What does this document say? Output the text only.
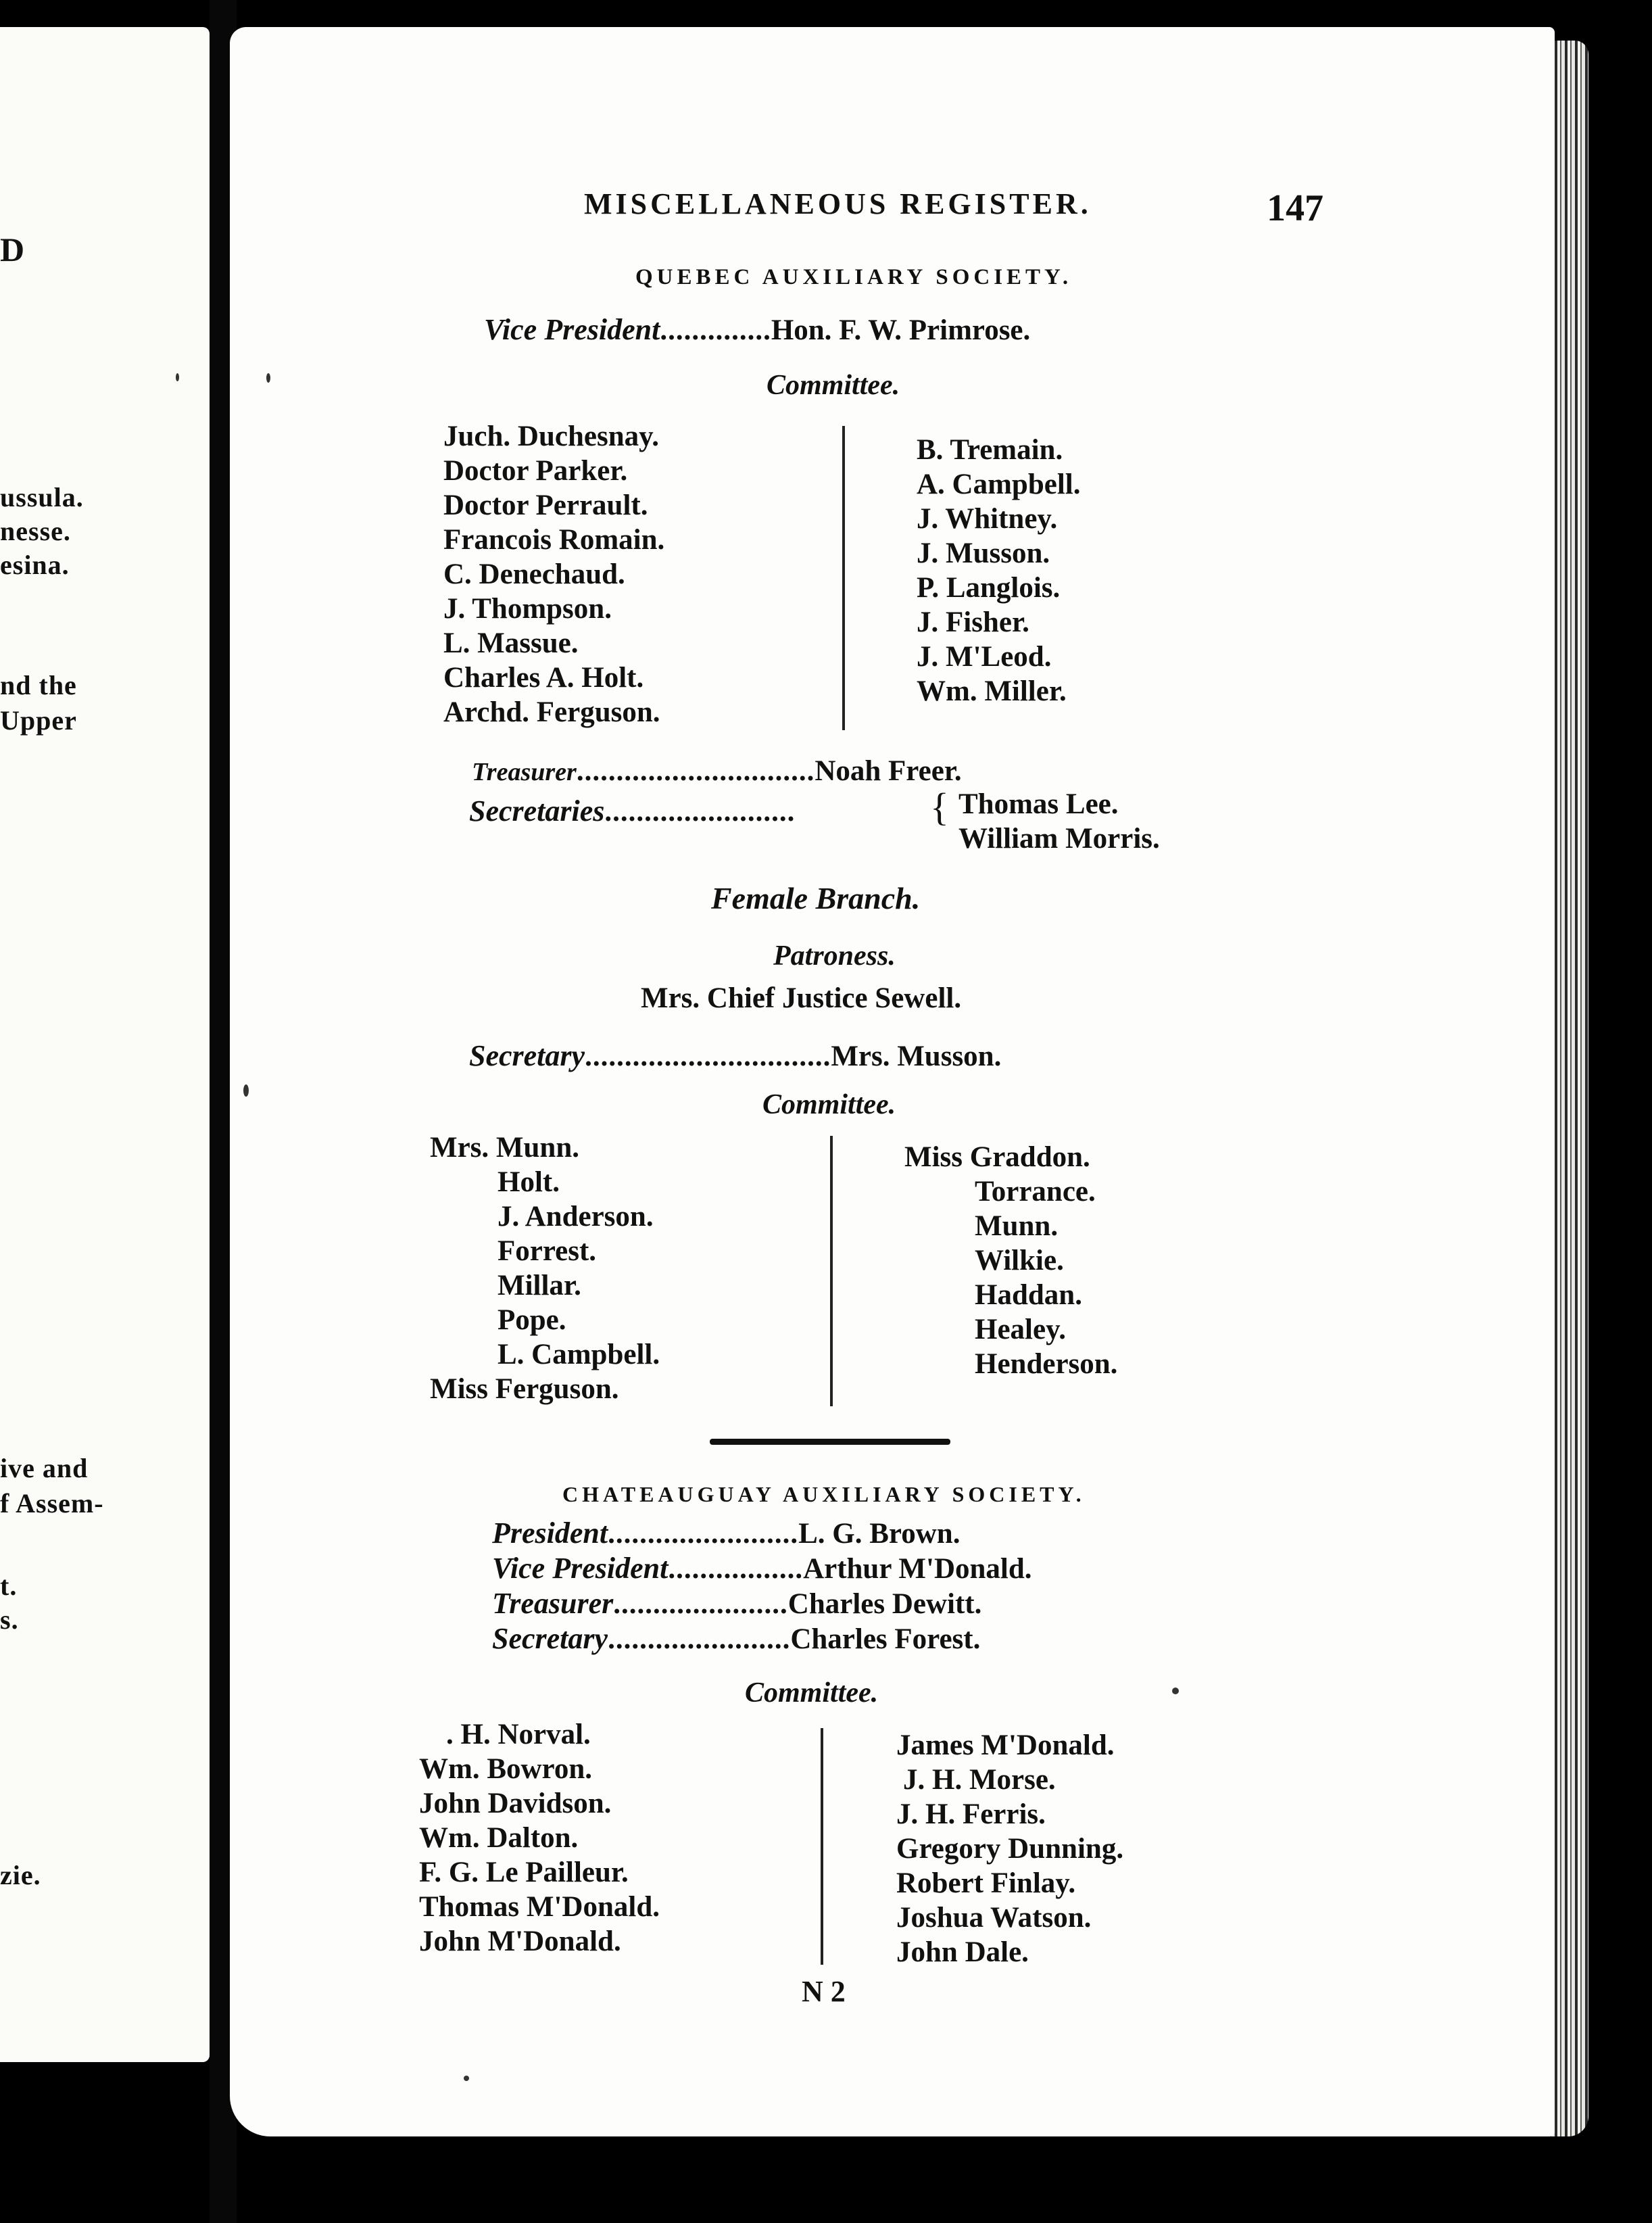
D
ussula.
nesse.
esina.
nd the
Upper
ive and
f Assem-
t.
s.
zie.
MISCELLANEOUS REGISTER.	147
QUEBEC AUXILIARY SOCIETY.
Vice President..............Hon. F. W. Primrose.
Committee.
Juch. Duchesnay.
Doctor Parker.
Doctor Perrault.
Francois Romain.
C. Denechaud.
J. Thompson.
L. Massue.
Charles A. Holt.
Archd. Ferguson.
B. Tremain.
A. Campbell.
J. Whitney.
J. Musson.
P. Langlois.
J. Fisher.
J. M'Leod.
Wm. Miller.
Treasurer..............................Noah Freer.
Secretaries........................	{ Thomas Lee.
William Morris.
Female Branch.
Patroness.
Mrs. Chief Justice Sewell.
Secretary...............................Mrs. Musson.
Committee.
Mrs. Munn.
Holt.
J. Anderson.
Forrest.
Millar.
Pope.
L. Campbell.
Miss Ferguson.
Miss Graddon.
Torrance.
Munn.
Wilkie.
Haddan.
Healey.
Henderson.
CHATEAUGUAY AUXILIARY SOCIETY.
President........................L. G. Brown.
Vice President.................Arthur M'Donald.
Treasurer......................Charles Dewitt.
Secretary.......................Charles Forest.
Committee.
. H. Norval.
Wm. Bowron.
John Davidson.
Wm. Dalton.
F. G. Le Pailleur.
Thomas M'Donald.
John M'Donald.
James M'Donald.
J. H. Morse.
J. H. Ferris.
Gregory Dunning.
Robert Finlay.
Joshua Watson.
John Dale.
N 2
